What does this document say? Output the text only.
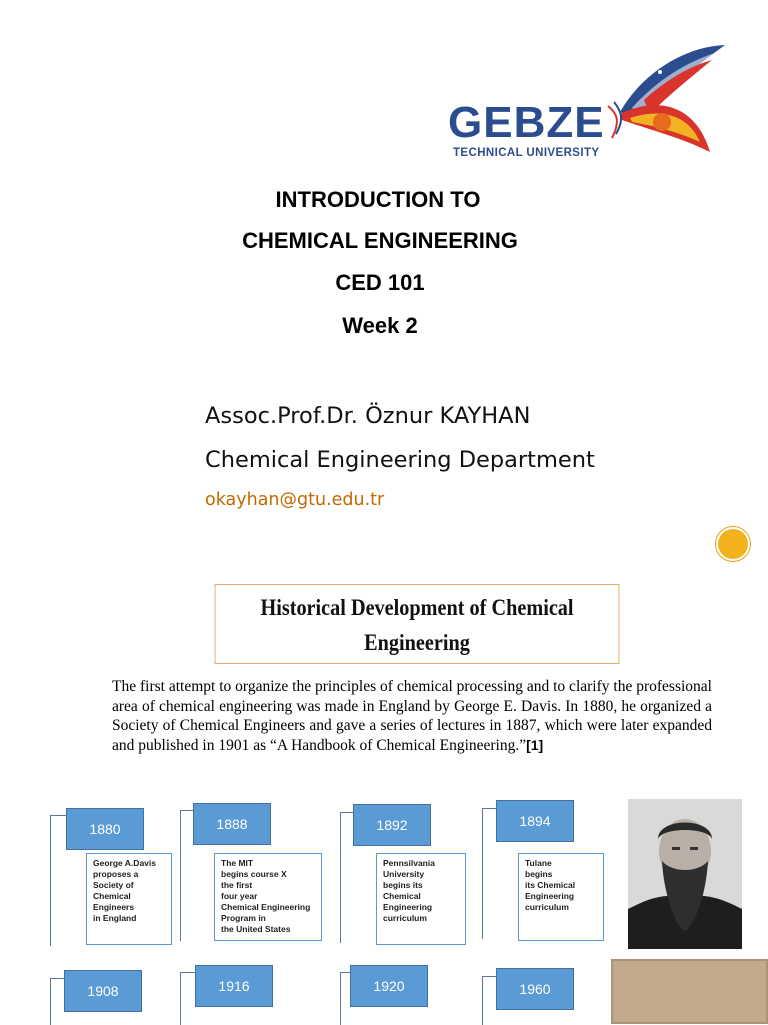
GEBZE
TECHNICAL UNIVERSITY
INTRODUCTION TO
CHEMICAL ENGINEERING
CED 101
Week 2
Assoc.Prof.Dr. Öznur KAYHAN
Chemical Engineering Department
okayhan@gtu.edu.tr
Historical Development of Chemical
Engineering
The first attempt to organize the principles of chemical processing and to clarify the professional area of chemical engineering was made in England by George E. Davis. In 1880, he organized a Society of Chemical Engineers and gave a series of lectures in 1887, which were later expanded and published in 1901 as “A Handbook of Chemical Engineering.”[1]
1880
George A.Davis
proposes a
Society of
Chemical
Engineers
in England
1888
The MIT
begins course X
the first
four year
Chemical Engineering
Program in
the United States
1892
Pennsilvania
University
begins its
Chemical
Engineering
curriculum
1894
Tulane
begins
its Chemical
Engineering
curriculum
1908	1916	1920	1960
